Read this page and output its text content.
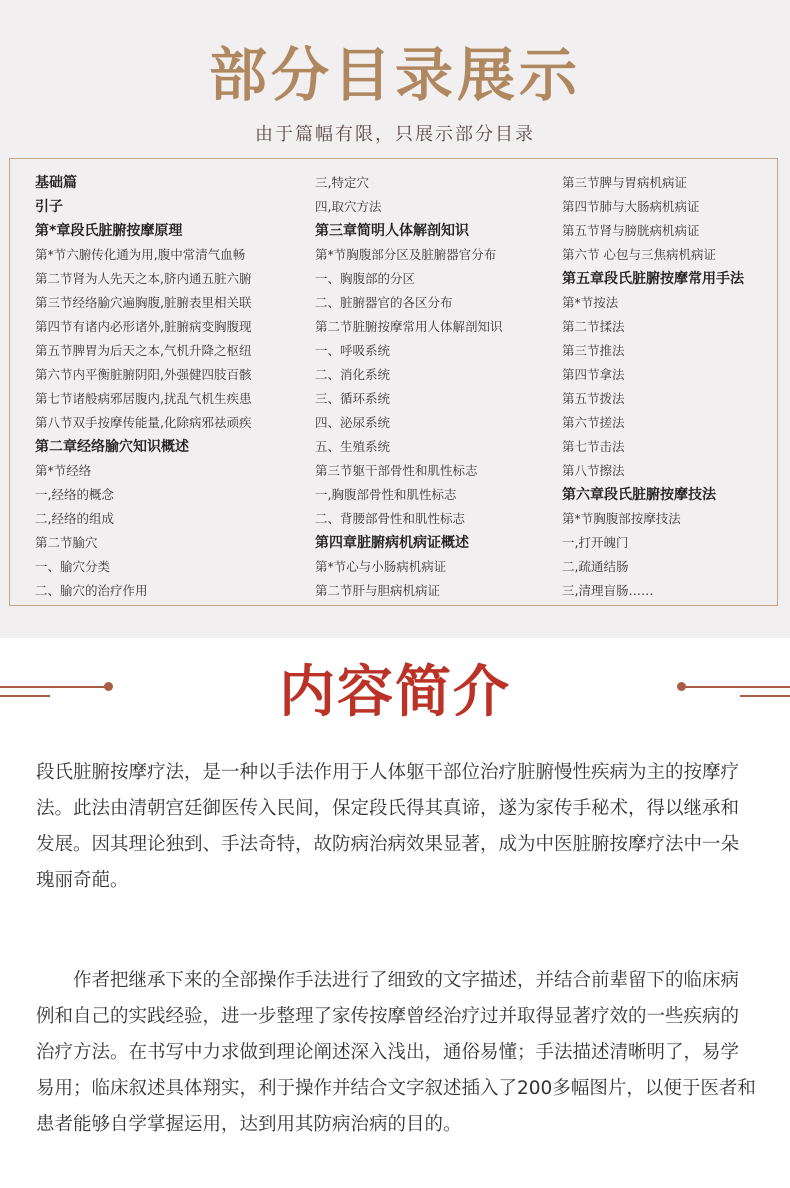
部分目录展示
由于篇幅有限，只展示部分目录
基础篇
引子
第*章段氏脏腑按摩原理
第*节六腑传化通为用,腹中常清气血畅
第二节肾为人先天之本,脐内通五脏六腑
第三节经络腧穴遍胸腹,脏腑表里相关联
第四节有诸内必形诸外,脏腑病变胸腹现
第五节脾胃为后天之本,气机升降之枢纽
第六节内平衡脏腑阴阳,外强健四肢百骸
第七节诸般病邪居腹内,扰乱气机生疾患
第八节双手按摩传能量,化除病邪祛顽疾
第二章经络腧穴知识概述
第*节经络
一,经络的概念
二,经络的组成
第二节腧穴
一、腧穴分类
二、腧穴的治疗作用
三,特定穴
四,取穴方法
第三章简明人体解剖知识
第*节胸腹部分区及脏腑器官分布
一、胸腹部的分区
二、脏腑器官的各区分布
第二节脏腑按摩常用人体解剖知识
一、呼吸系统
二、消化系统
三、循环系统
四、泌尿系统
五、生殖系统
第三节躯干部骨性和肌性标志
一,胸腹部骨性和肌性标志
二、背腰部骨性和肌性标志
第四章脏腑病机病证概述
第*节心与小肠病机病证
第二节肝与胆病机病证
第三节脾与胃病机病证
第四节肺与大肠病机病证
第五节肾与膀胱病机病证
第六节 心包与三焦病机病证
第五章段氏脏腑按摩常用手法
第*节按法
第二节揉法
第三节推法
第四节拿法
第五节拨法
第六节搓法
第七节击法
第八节擦法
第六章段氏脏腑按摩技法
第*节胸腹部按摩技法
一,打开魄门
二,疏通结肠
三,清理盲肠……
内容简介
段氏脏腑按摩疗法，是一种以手法作用于人体躯干部位治疗脏腑慢性疾病为主的按摩疗法。此法由清朝宫廷御医传入民间，保定段氏得其真谛，遂为家传手秘术，得以继承和发展。因其理论独到、手法奇特，故防病治病效果显著，成为中医脏腑按摩疗法中一朵瑰丽奇葩。
　　作者把继承下来的全部操作手法进行了细致的文字描述，并结合前辈留下的临床病例和自己的实践经验，进一步整理了家传按摩曾经治疗过并取得显著疗效的一些疾病的治疗方法。在书写中力求做到理论阐述深入浅出，通俗易懂；手法描述清晰明了，易学易用；临床叙述具体翔实，利于操作并结合文字叙述插入了200多幅图片，以便于医者和患者能够自学掌握运用，达到用其防病治病的目的。
